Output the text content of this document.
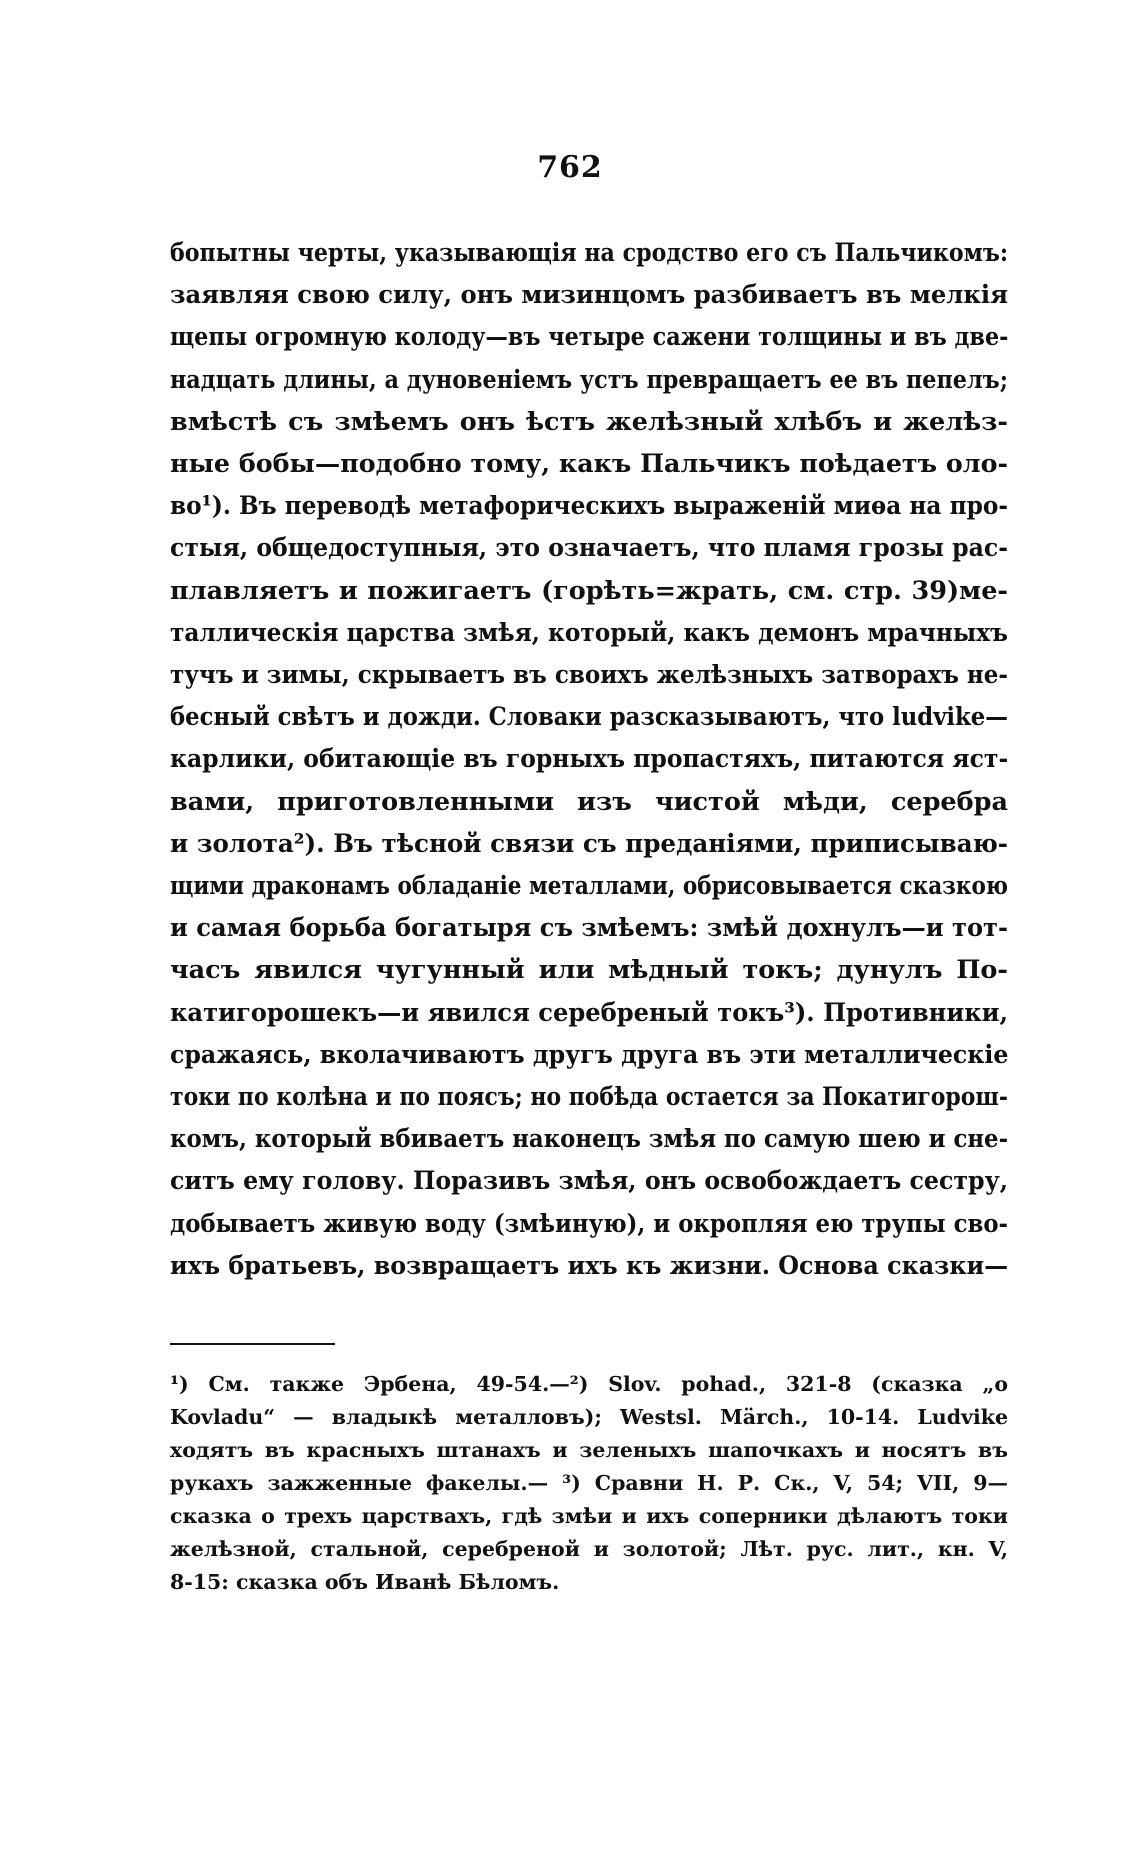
762
бопытны черты, указывающія на сродство его съ Пальчикомъ:
заявляя свою силу, онъ мизинцомъ разбиваетъ въ мелкія
щепы огромную колоду—въ четыре сажени толщины и въ две-
надцать длины, а дуновеніемъ устъ превращаетъ ее въ пепелъ;
вмѣстѣ съ змѣемъ онъ ѣстъ желѣзный хлѣбъ и желѣз-
ные бобы—подобно тому, какъ Пальчикъ поѣдаетъ оло-
во¹). Въ переводѣ метафорическихъ выраженій миѳа на про-
стыя, общедоступныя, это означаетъ, что пламя грозы рас-
плавляетъ и пожигаетъ (горѣть=жрать, см. стр. 39)ме-
таллическія царства змѣя, который, какъ демонъ мрачныхъ
тучъ и зимы, скрываетъ въ своихъ желѣзныхъ затворахъ не-
бесный свѣтъ и дожди. Словаки разсказываютъ, что ludvike—
карлики, обитающіе въ горныхъ пропастяхъ, питаются яст-
вами, приготовленными изъ чистой мѣди, серебра
и золота²). Въ тѣсной связи съ преданіями, приписываю-
щими драконамъ обладаніе металлами, обрисовывается сказкою
и самая борьба богатыря съ змѣемъ: змѣй дохнулъ—и тот-
часъ явился чугунный или мѣдный токъ; дунулъ По-
катигорошекъ—и явился серебреный токъ³). Противники,
сражаясь, вколачиваютъ другъ друга въ эти металлическіе
токи по колѣна и по поясъ; но побѣда остается за Покатигорош-
комъ, который вбиваетъ наконецъ змѣя по самую шею и сне-
ситъ ему голову. Поразивъ змѣя, онъ освобождаетъ сестру,
добываетъ живую воду (змѣиную), и окропляя ею трупы сво-
ихъ братьевъ, возвращаетъ ихъ къ жизни. Основа сказки—
¹) См. также Эрбена, 49-54.—²) Slov. pohad., 321-8 (сказка „о
Kovladu“ — владыкѣ металловъ); Westsl. Märch., 10-14. Ludvike
ходятъ въ красныхъ штанахъ и зеленыхъ шапочкахъ и носятъ въ
рукахъ зажженные факелы.— ³) Сравни Н. Р. Ск., V, 54; VII, 9—
сказка о трехъ царствахъ, гдѣ змѣи и ихъ соперники дѣлаютъ токи
желѣзной, стальной, серебреной и золотой; Лѣт. рус. лит., кн. V,
8-15: сказка объ Иванѣ Бѣломъ.
